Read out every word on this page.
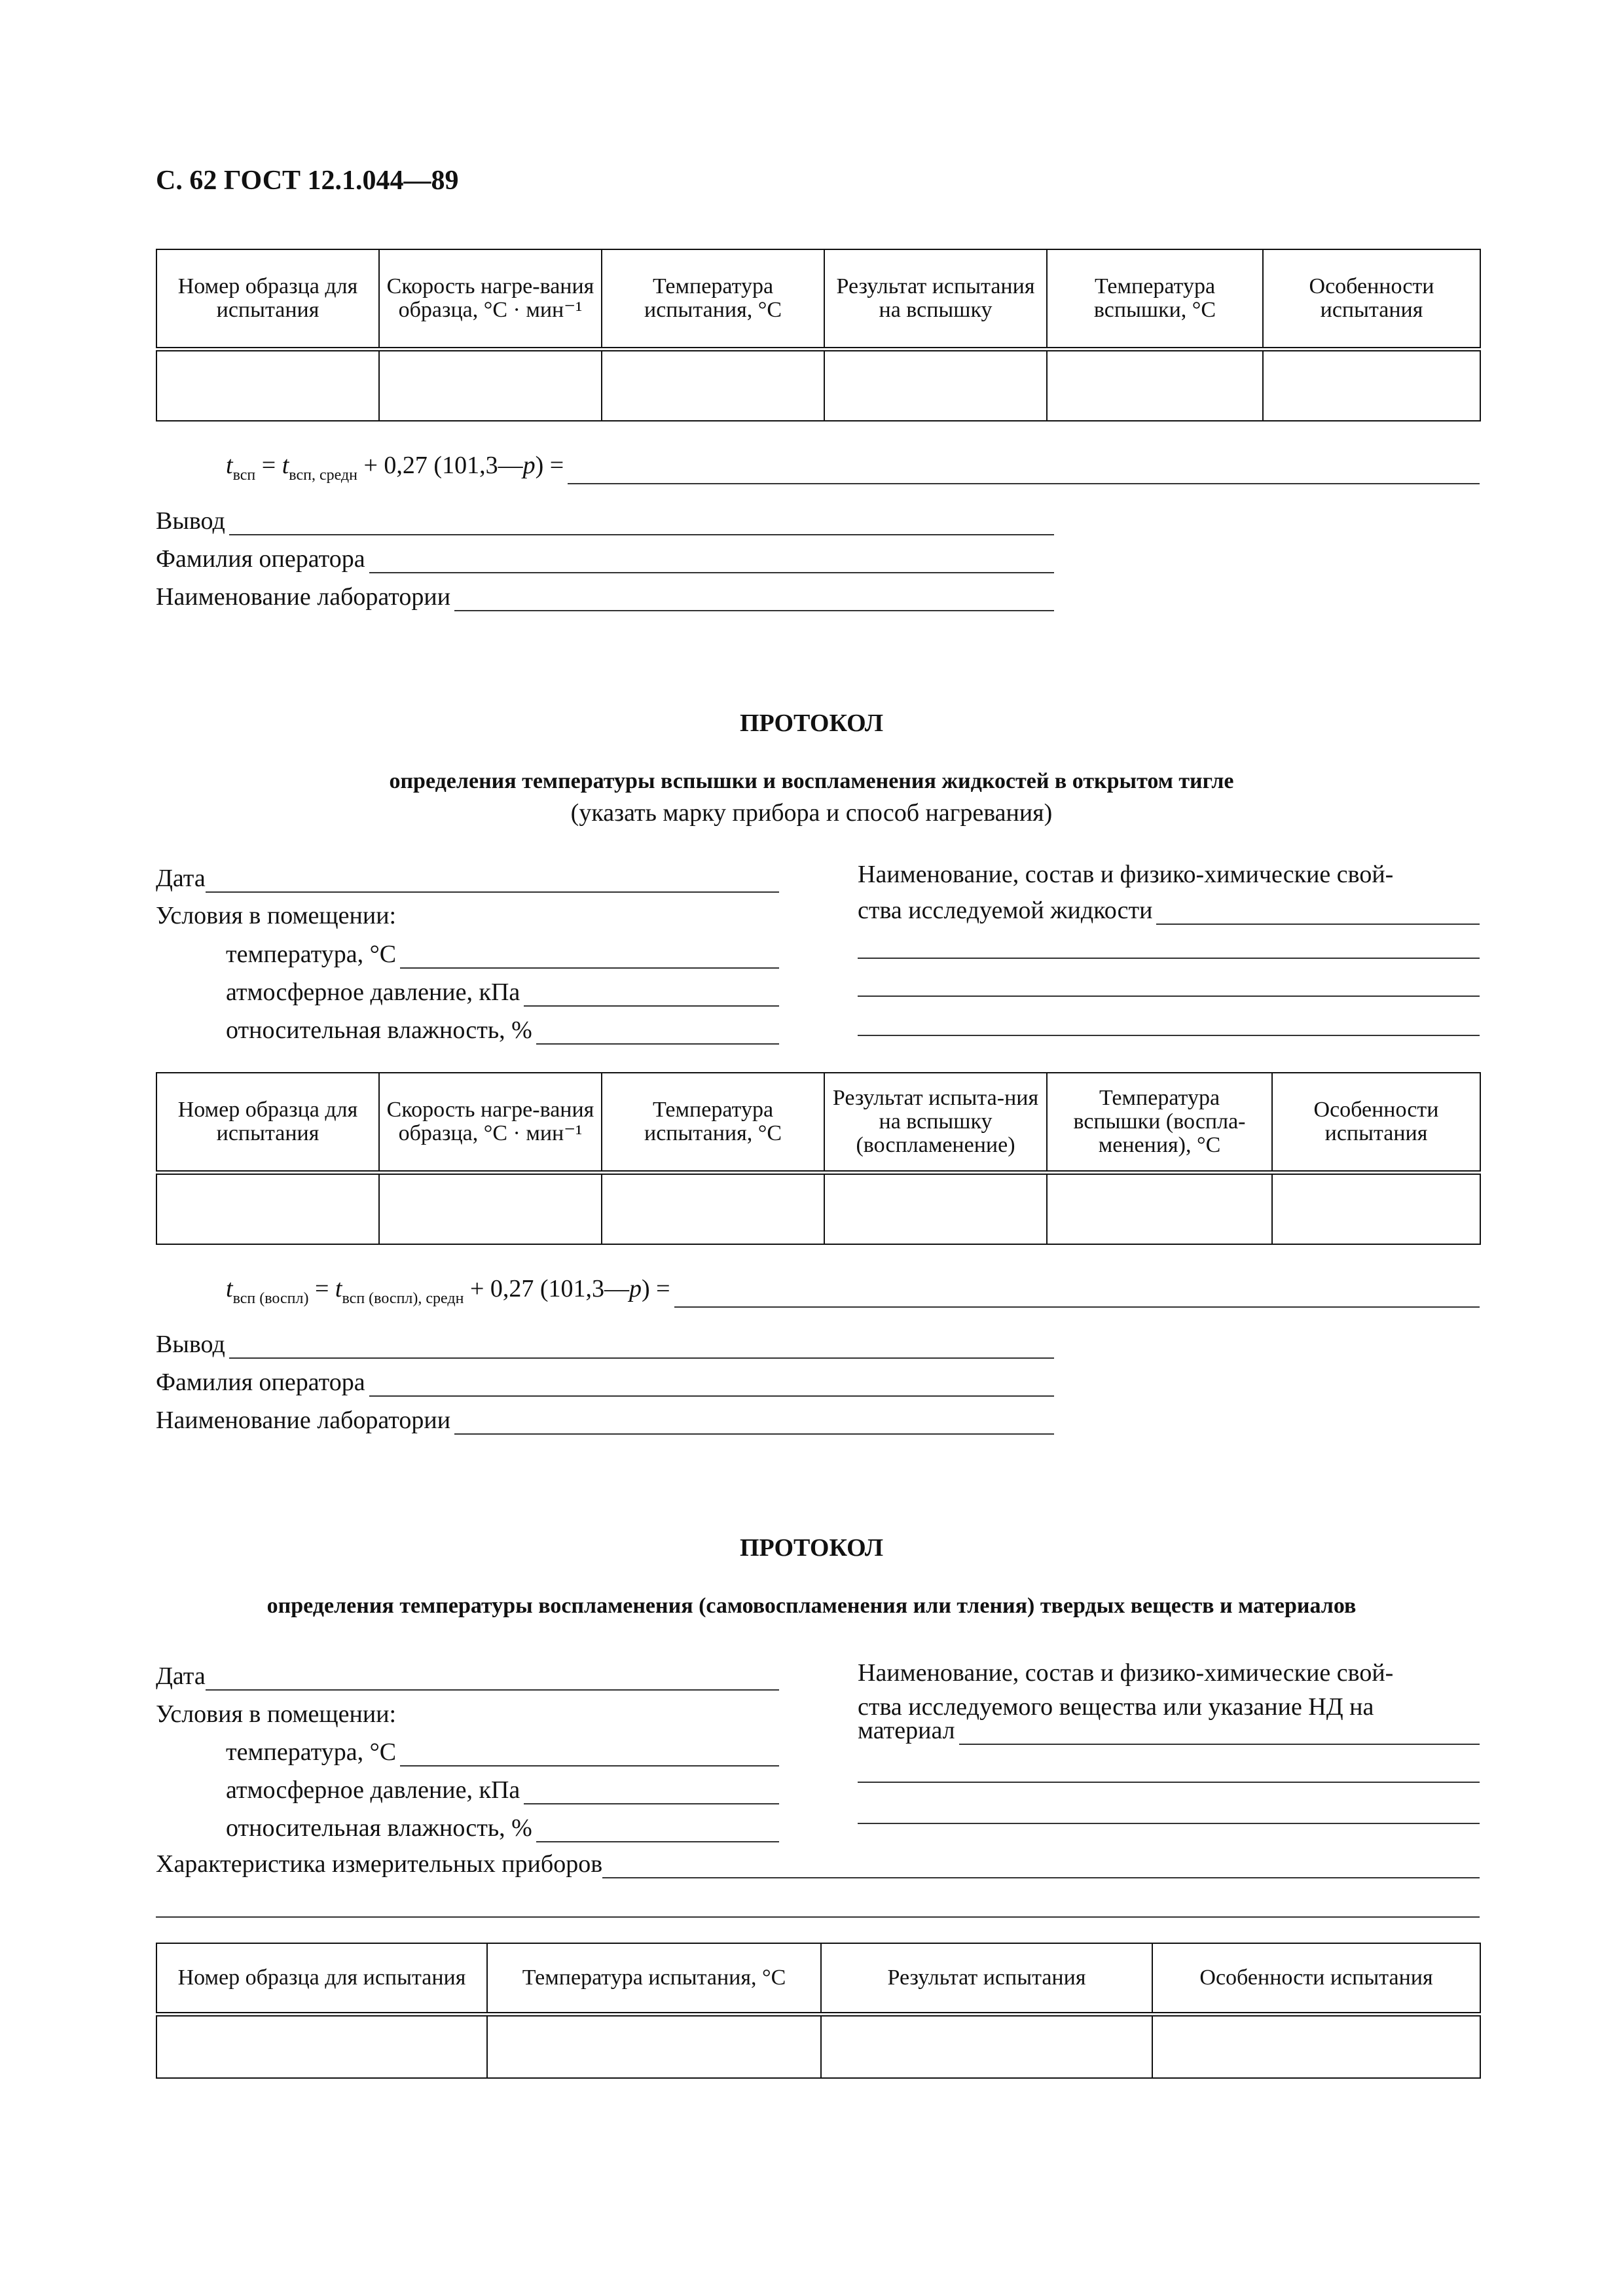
С. 62 ГОСТ 12.1.044—89
Номер образца для испытания	Скорость нагре-вания образца, °С · мин⁻¹	Температура испытания, °С	Результат испытания на вспышку	Температура вспышки, °С	Особенности испытания

$t_{всп} = t_{всп, средн} + 0,27$ (101,3—p) =
Вывод
Фамилия оператора
Наименование лаборатории
ПРОТОКОЛ
определения температуры вспышки и воспламенения жидкостей в открытом тигле
(указать марку прибора и способ нагревания)
Дата
Условия в помещении:
температура, °С
атмосферное давление, кПа
относительная влажность, %
Наименование, состав и физико-химические свой-
ства исследуемой жидкости
Номер образца для испытания	Скорость нагре-вания образца, °С · мин⁻¹	Температура испытания, °С	Результат испыта-ния на вспышку (воспламенение)	Температура вспышки (воспла-менения), °С	Особенности испытания

$t_{всп (воспл)} = t_{всп (воспл), средн} + 0,27$ (101,3—p) =
Вывод
Фамилия оператора
Наименование лаборатории
ПРОТОКОЛ
определения температуры воспламенения (самовоспламенения или тления) твердых веществ и материалов
Дата
Условия в помещении:
температура, °С
атмосферное давление, кПа
относительная влажность, %
Наименование, состав и физико-химические свой-
ства исследуемого вещества или указание НД на
материал
Характеристика измерительных приборов
Номер образца для испытания	Температура испытания, °С	Результат испытания	Особенности испытания
